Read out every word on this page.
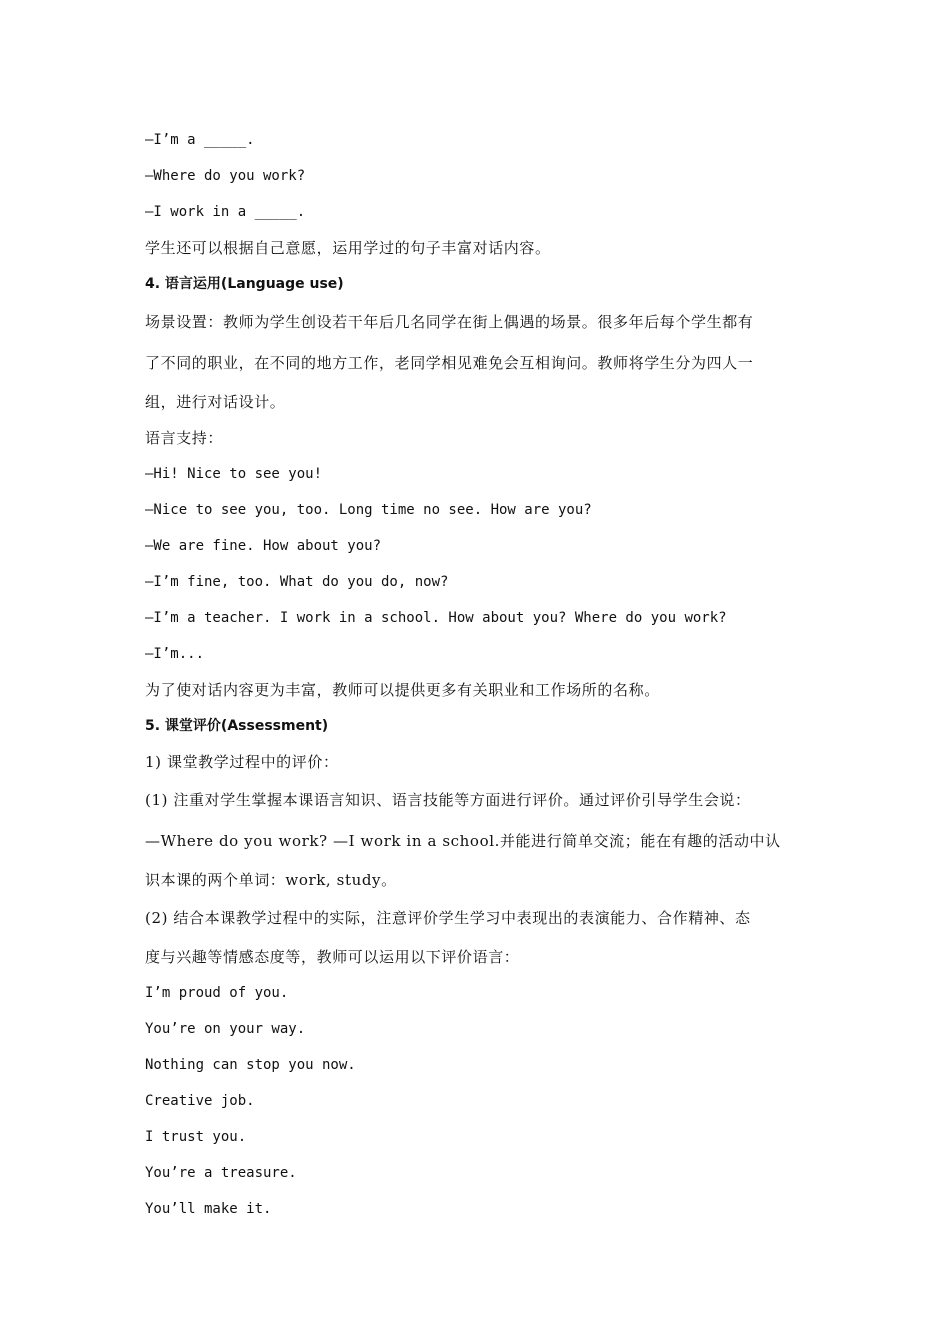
—I’m a _____.
—Where do you work?
—I work in a _____.
学生还可以根据自己意愿，运用学过的句子丰富对话内容。
4. 语言运用(Language use)
场景设置：教师为学生创设若干年后几名同学在街上偶遇的场景。很多年后每个学生都有
了不同的职业，在不同的地方工作，老同学相见难免会互相询问。教师将学生分为四人一
组，进行对话设计。
语言支持：
—Hi! Nice to see you!
—Nice to see you, too. Long time no see. How are you?
—We are fine. How about you?
—I’m fine, too. What do you do, now?
—I’m a teacher. I work in a school. How about you? Where do you work?
—I’m...
为了使对话内容更为丰富，教师可以提供更多有关职业和工作场所的名称。
5. 课堂评价(Assessment)
1) 课堂教学过程中的评价：
(1) 注重对学生掌握本课语言知识、语言技能等方面进行评价。通过评价引导学生会说：
—Where do you work? —I work in a school.并能进行简单交流；能在有趣的活动中认
识本课的两个单词：work, study。
(2) 结合本课教学过程中的实际，注意评价学生学习中表现出的表演能力、合作精神、态
度与兴趣等情感态度等，教师可以运用以下评价语言：
I’m proud of you.
You’re on your way.
Nothing can stop you now.
Creative job.
I trust you.
You’re a treasure.
You’ll make it.
